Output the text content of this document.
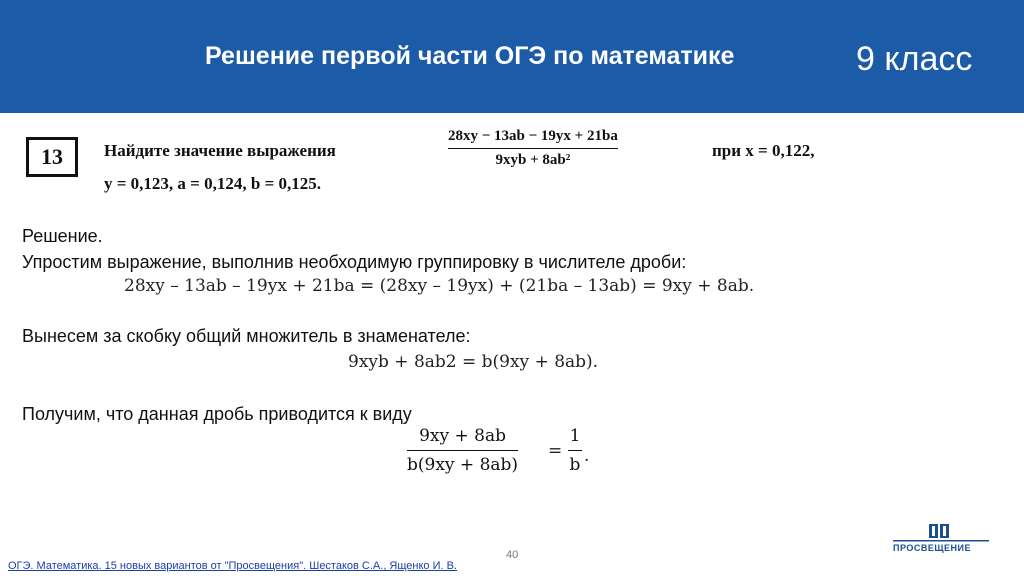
Решение первой части ОГЭ по математике	9 класс
13	Найдите значение выражения
28xy − 13ab − 19yx + 21ba
9xyb + 8ab²	при x = 0,122,
y = 0,123, a = 0,124, b = 0,125.
Решение.
Упростим выражение, выполнив необходимую группировку в числителе дроби:
28xy – 13ab – 19yx + 21ba = (28xy – 19yx) + (21ba – 13ab) = 9xy + 8ab.
Вынесем за скобку общий множитель в знаменателе:
9xyb + 8ab2 = b(9xy + 8ab).
Получим, что данная дробь приводится к виду
9xy + 8ab
b(9xy + 8ab)
=
1
b .
40
ОГЭ. Математика. 15 новых вариантов от "Просвещения". Шестаков С.А., Ященко И. В.
ПРОСВЕЩЕНИЕ
